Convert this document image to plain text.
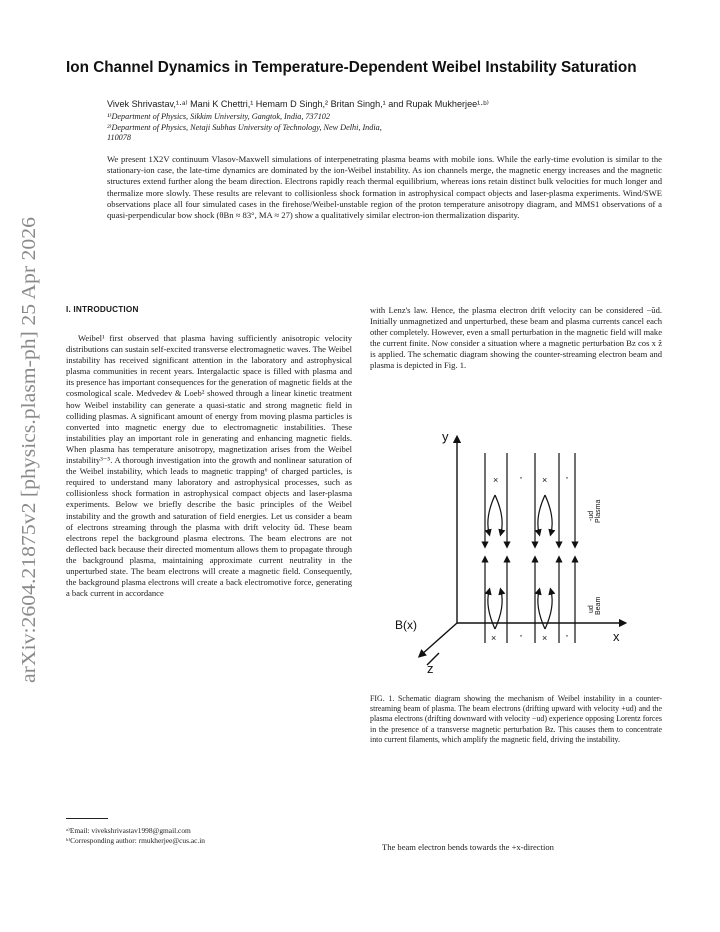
arXiv:2604.21875v2 [physics.plasm-ph] 25 Apr 2026
Ion Channel Dynamics in Temperature-Dependent Weibel Instability Saturation
Vivek Shrivastav,¹·ᵃ⁾ Mani K Chettri,¹ Hemam D Singh,² Britan Singh,¹ and Rupak Mukherjee¹·ᵇ⁾
¹⁾Department of Physics, Sikkim University, Gangtok, India, 737102
²⁾Department of Physics, Netaji Subhas University of Technology, New Delhi, India,
110078

We present 1X2V continuum Vlasov-Maxwell simulations of interpenetrating plasma beams with mobile ions. While the early-time evolution is similar to the stationary-ion case, the late-time dynamics are dominated by the ion-Weibel instability. As ion channels merge, the magnetic energy increases and the magnetic structures extend further along the beam direction. Electrons rapidly reach thermal equilibrium, whereas ions retain distinct bulk velocities for much longer and thermalize more slowly. These results are relevant to collisionless shock formation in astrophysical compact objects and laser-plasma experiments. Wind/SWE observations place all four simulated cases in the firehose/Weibel-unstable region of the proton temperature anisotropy diagram, and MMS1 observations of a quasi-perpendicular bow shock (θBn ≈ 83°, MA ≈ 27) show a qualitatively similar electron-ion thermalization disparity.

I. INTRODUCTION

Weibel¹ first observed that plasma having sufficiently anisotropic velocity distributions can sustain self-excited transverse electromagnetic waves. The Weibel instability has received significant attention in the laboratory and astrophysical plasma communities in recent years. Intergalactic space is filled with plasma and its presence has important consequences for the generation of magnetic fields at the cosmological scale. Medvedev & Loeb² showed through a linear kinetic treatment how Weibel instability can generate a quasi-static and strong magnetic field in colliding plasmas. A significant amount of energy from moving plasma particles is converted into magnetic energy due to electromagnetic instabilities. These instabilities play an important role in generating and enhancing magnetic fields. When plasma has temperature anisotropy, magnetization arises from the Weibel instability³⁻⁵. A thorough investigation into the growth and nonlinear saturation of the Weibel instability, which leads to magnetic trapping⁶ of charged particles, is required to understand many laboratory and astrophysical processes, such as collisionless shock formation in astrophysical compact objects and laser-plasma experiments. Below we briefly describe the basic principles of the Weibel instability and the growth and saturation of field energies. Let us consider a beam of electrons streaming through the plasma with drift velocity ūd. These beam electrons repel the background plasma electrons. The beam electrons are not deflected back because their directed momentum allows them to propagate through the background plasma, maintaining approximate current neutrality in the unperturbed state. The beam electrons will create a magnetic field. Consequently, the background plasma electrons will create a back electromotive force, generating a back current in accordance

with Lenz's law. Hence, the plasma electron drift velocity can be considered −ūd. Initially unmagnetized and unperturbed, these beam and plasma currents cancel each other completely. However, even a small perturbation in the magnetic field will make the current finite. Now consider a situation where a magnetic perturbation Bz cos x ẑ is applied. The schematic diagram showing the counter-streaming electron beam and plasma is depicted in Fig. 1.

y
x
z
B(x)
× · × ·
-ud Plasma
× · × ·
ud Beam

FIG. 1. Schematic diagram showing the mechanism of Weibel instability in a counter-streaming beam of plasma. The beam electrons (drifting upward with velocity +ud) and the plasma electrons (drifting downward with velocity −ud) experience opposing Lorentz forces in the presence of a transverse magnetic perturbation Bz. This causes them to concentrate into current filaments, which amplify the magnetic field, driving the instability.

The beam electron bends towards the +x-direction

ᵃ⁾Email: vivekshrivastav1998@gmail.com
ᵇ⁾Corresponding author: rmukherjee@cus.ac.in
